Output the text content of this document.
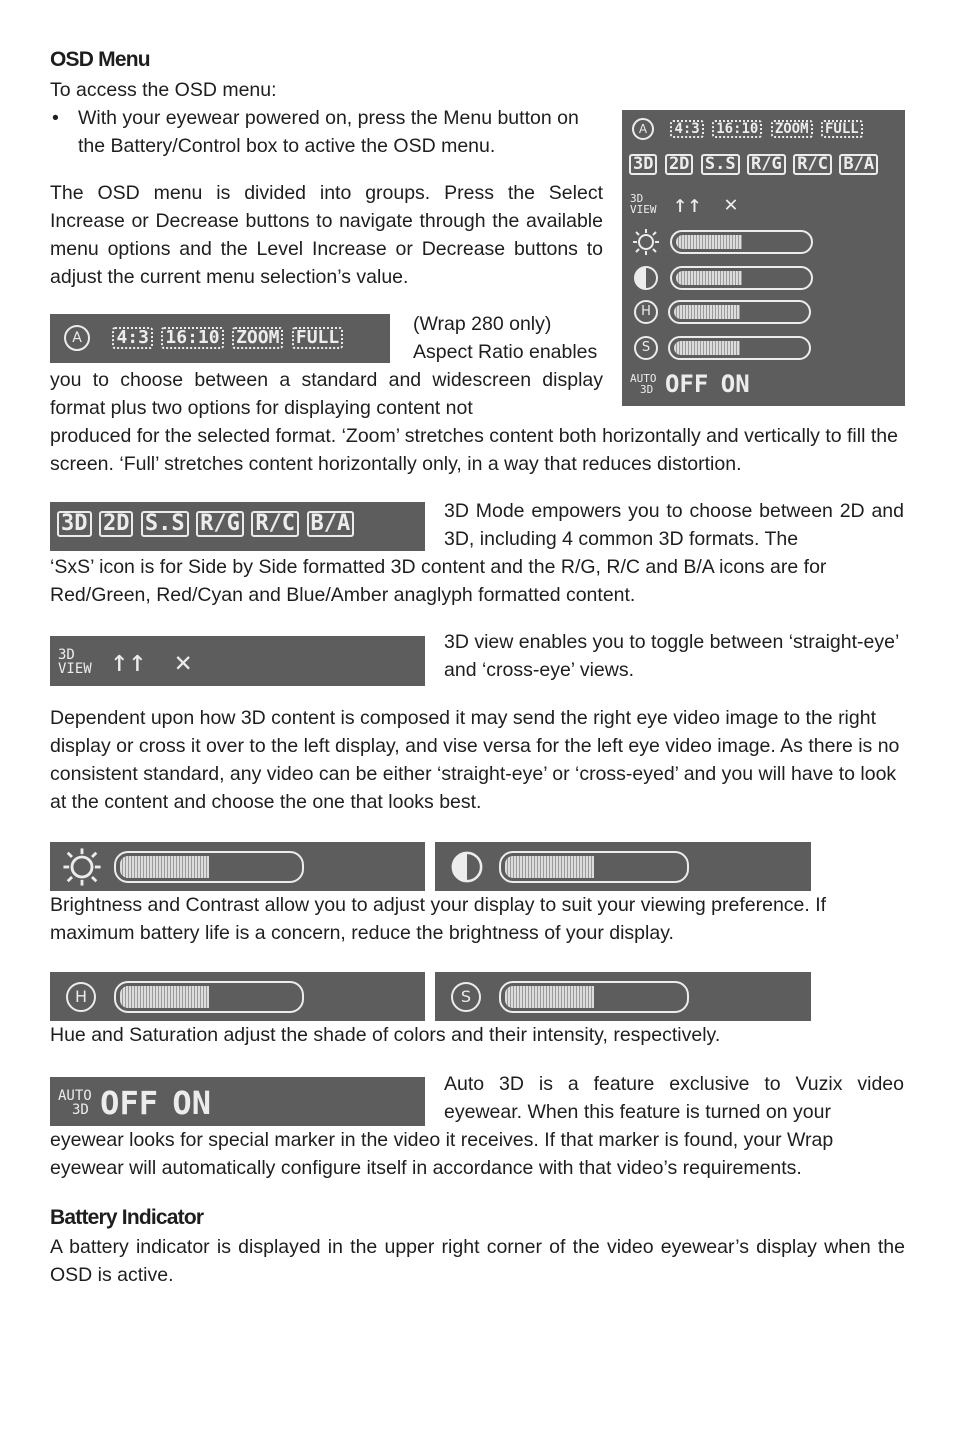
OSD Menu

To access the OSD menu:

• With your eyewear powered on, press the Menu button on the Battery/Control box to active the OSD menu.

The OSD menu is divided into groups. Press the Select Increase or Decrease buttons to navigate through the available menu options and the Level Increase or Decrease buttons to adjust the current menu selection’s value.

A 4:3 16:10 ZOOM FULL
3D 2D S.S R/G R/C B/A
3D
VIEW ↑↑ ✕

H
S
AUTO
3D OFF ON
A 4:3 16:10 ZOOM FULL

(Wrap 280 only)

Aspect Ratio enables

you to choose between a standard and widescreen display format plus two options for displaying content not

produced for the selected format. ‘Zoom’ stretches content both horizontally and vertically to fill the screen. ‘Full’ stretches content horizontally only, in a way that reduces distortion.

3D 2D S.S R/G R/C B/A	3D Mode empowers you to choose between 2D and 3D, including 4 common 3D formats. The

‘SxS’ icon is for Side by Side formatted 3D content and the R/G, R/C and B/A icons are for Red/Green, Red/Cyan and Blue/Amber anaglyph formatted content.

3D
VIEW ↑↑ ✕

3D view enables you to toggle between ‘straight-eye’ and ‘cross-eye’ views.

Dependent upon how 3D content is composed it may send the right eye video image to the right display or cross it over to the left display, and vise versa for the left eye video image. As there is no consistent standard, any video can be either ‘straight-eye’ or ‘cross-eyed’ and you will have to look at the content and choose the one that looks best.

Brightness and Contrast allow you to adjust your display to suit your viewing preference. If maximum battery life is a concern, reduce the brightness of your display.

H	S

Hue and Saturation adjust the shade of colors and their intensity, respectively.

AUTO
3D OFF ON	Auto 3D is a feature exclusive to Vuzix video eyewear. When this feature is turned on your

eyewear looks for special marker in the video it receives. If that marker is found, your Wrap eyewear will automatically configure itself in accordance with that video’s requirements.

Battery Indicator

A battery indicator is displayed in the upper right corner of the video eyewear’s display when the OSD is active.
